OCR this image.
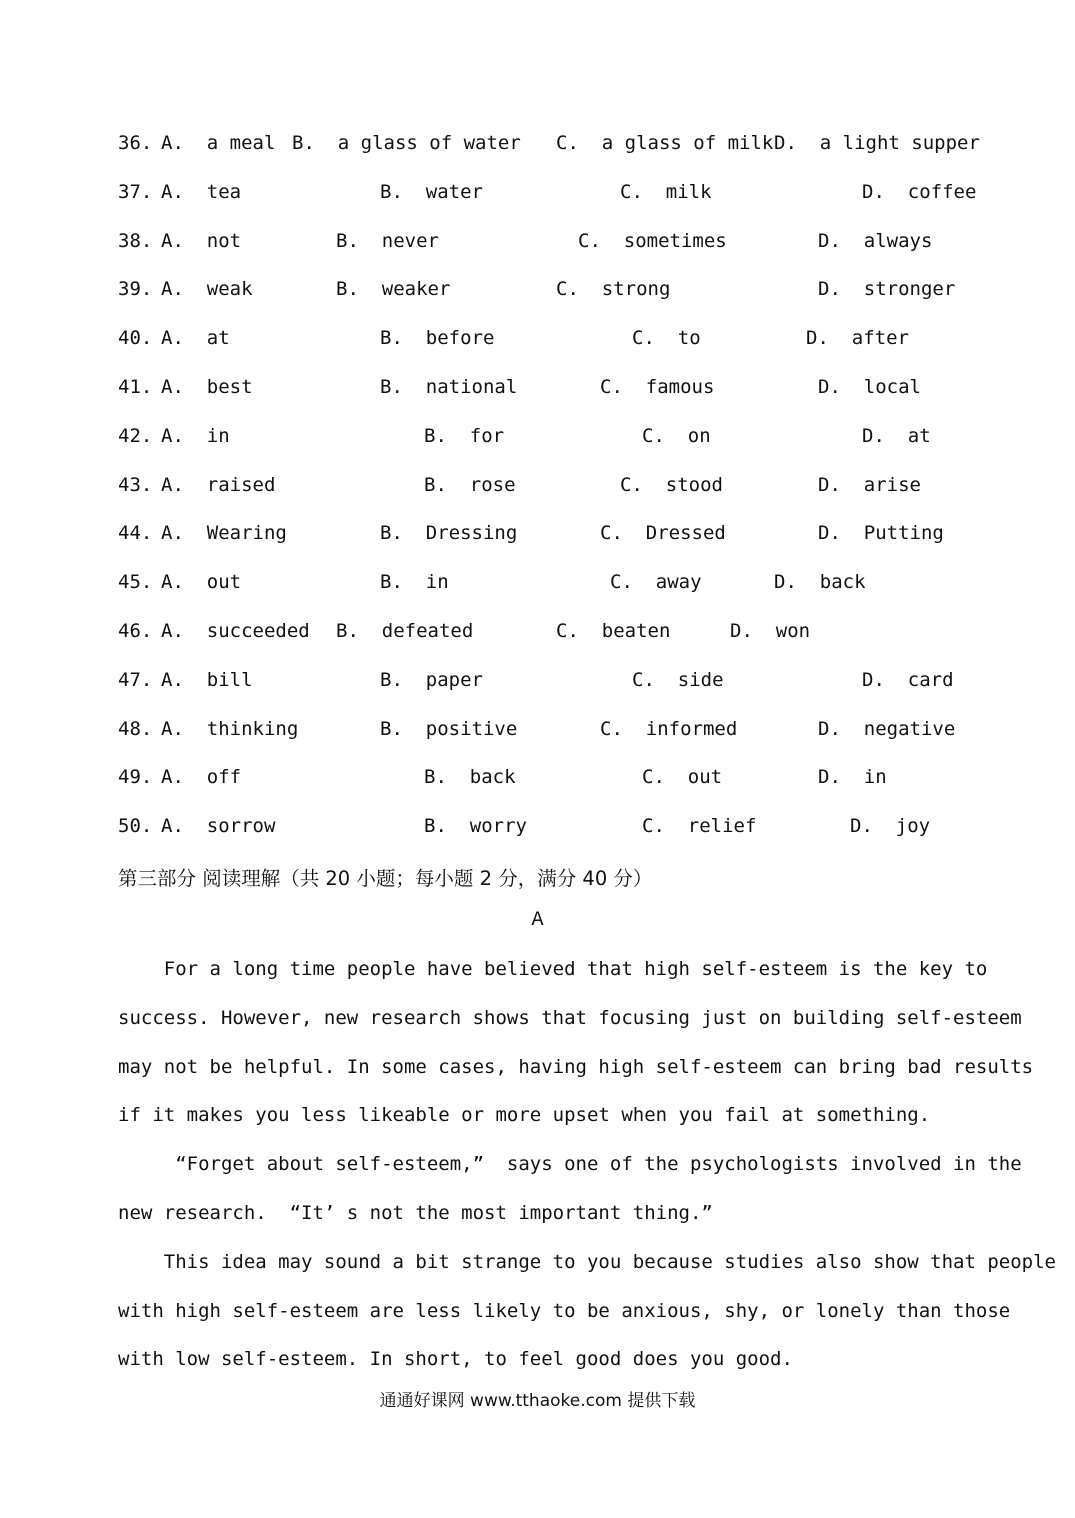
36. A.  a meal B.  a glass of water C.  a glass of milk D.  a light supper
37. A.  tea	B.  water	C.  milk	D.  coffee
38. A.  not	B.  never	C.  sometimes	D.  always
39. A.  weak	B.  weaker	C.  strong	D.  stronger
40. A.  at	B.  before	C.  to	D.  after
41. A.  best	B.  national	C.  famous	D.  local
42. A.  in	B.  for	C.  on	D.  at
43. A.  raised	B.  rose	C.  stood	D.  arise
44. A.  Wearing	B.  Dressing	C.  Dressed	D.  Putting
45. A.  out	B.  in	C.  away	D.  back
46. A.  succeeded B.  defeated	C.  beaten	D.  won
47. A.  bill	B.  paper	C.  side	D.  card
48. A.  thinking	B.  positive	C.  informed	D.  negative
49. A.  off	B.  back	C.  out	D.  in
50. A.  sorrow	B.  worry	C.  relief	D.  joy
第三部分 阅读理解（共 20 小题；每小题 2 分，满分 40 分）
A
For a long time people have believed that high self-esteem is the key to
success. However, new research shows that focusing just on building self-esteem
may not be helpful. In some cases, having high self-esteem can bring bad results
if it makes you less likeable or more upset when you fail at something.
“Forget about self-esteem,”  says one of the psychologists involved in the
new research.  “It’ s not the most important thing.”
This idea may sound a bit strange to you because studies also show that people
with high self-esteem are less likely to be anxious, shy, or lonely than those
with low self-esteem. In short, to feel good does you good.
通通好课网 www.tthaoke.com 提供下载
